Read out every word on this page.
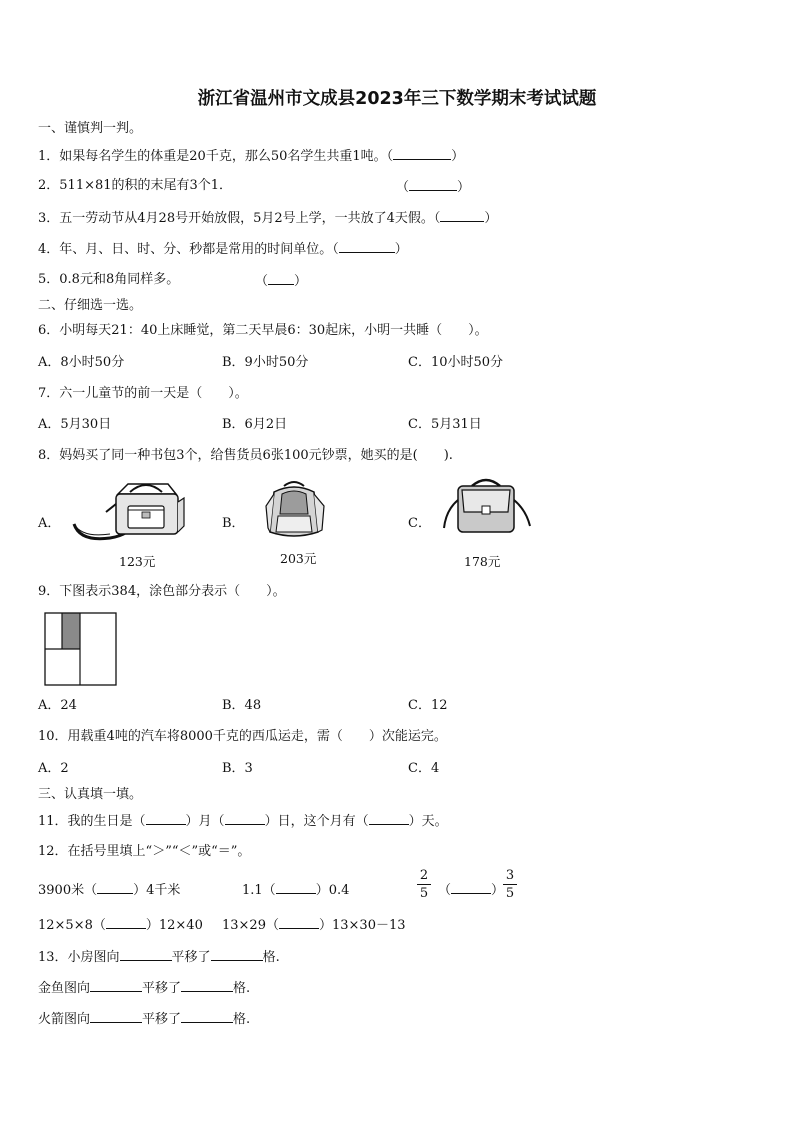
浙江省温州市文成县2023年三下数学期末考试试题
一、谨慎判一判。
1．如果每名学生的体重是20千克，那么50名学生共重1吨。（	）
2．511×81的积的末尾有3个1．	（	）
3．五一劳动节从4月28号开始放假，5月2号上学，一共放了4天假。（	）
4．年、月、日、时、分、秒都是常用的时间单位。（	）
5．0.8元和8角同样多。	（ ）
二、仔细选一选。
6．小明每天21：40上床睡觉，第二天早晨6：30起床，小明一共睡（　　）。
A．8小时50分	B．9小时50分	C．10小时50分
7．六一儿童节的前一天是（　　）。
A．5月30日	B．6月2日	C．5月31日
8．妈妈买了同一种书包3个，给售货员6张100元钞票，她买的是(　　).
A．	B．	C．
123元	203元	178元
9．下图表示384，涂色部分表示（　　）。
A．24	B．48	C．12
10．用载重4吨的汽车将8000千克的西瓜运走，需（　　）次能运完。
A．2	B．3	C．4
三、认真填一填。
11．我的生日是（	）月（	）日，这个月有（	）天。
12．在括号里填上“＞”“＜”或“＝”。
3900米（	）4千米	1.1（	）0.4
2
5 （	）
3
5
12×5×8（	）12×40 13×29（	）13×30－13
13．小房图向	平移了	格.
金鱼图向	平移了	格.
火箭图向	平移了	格.
